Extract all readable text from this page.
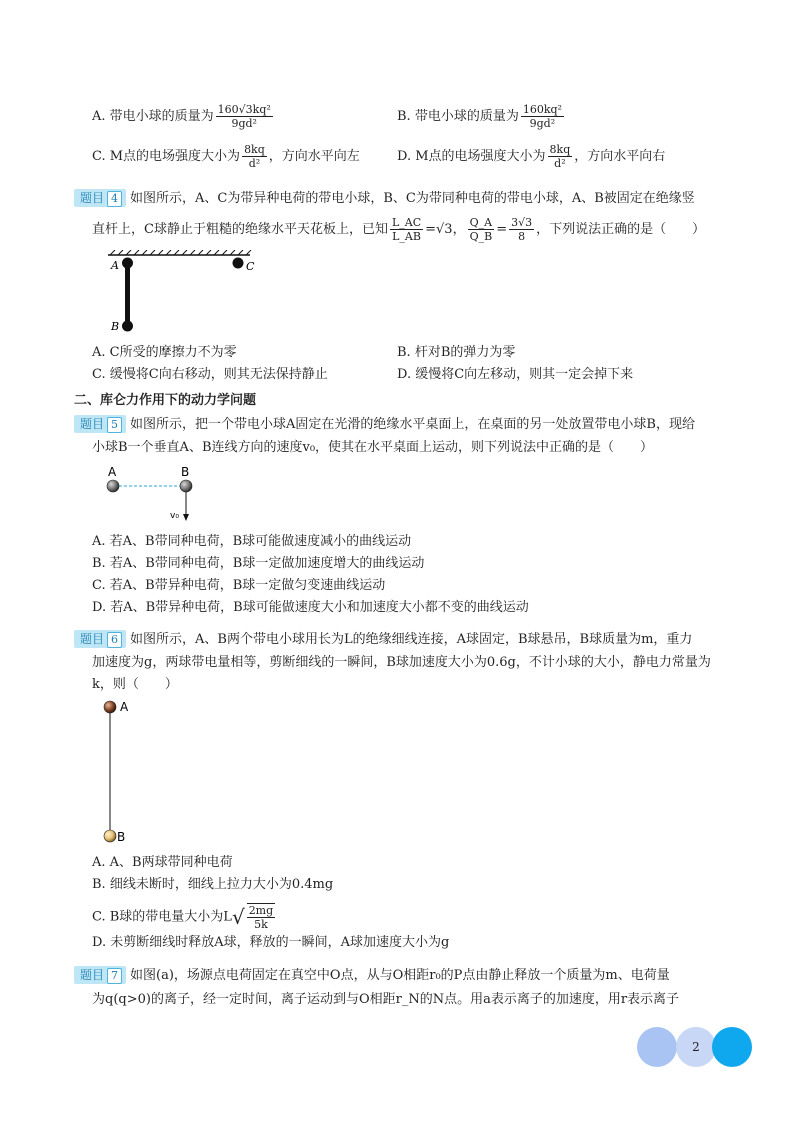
A. 带电小球的质量为 $\frac{\text{160√3kq²}}{\text{9gd²}}$	B. 带电小球的质量为 $\frac{\text{160kq²}}{\text{9gd²}}$
C. M点的电场强度大小为 $\frac{8kq}{\text{d²}}$ ，方向水平向左	D. M点的电场强度大小为 $\frac{8kq}{\text{d²}}$ ，方向水平向右
题目 4 如图所示，A、C为带异种电荷的带电小球，B、C为带同种电荷的带电小球，A、B被固定在绝缘竖
直杆上，C球静止于粗糙的绝缘水平天花板上，已知 $\frac{L\_AC}{L\_AB} =√3$， $\frac{Q\_A}{Q\_B} = \frac{3√3}{8}$ ，下列说法正确的是（　　）
A
B
C
A. C所受的摩擦力不为零	B. 杆对B的弹力为零
C. 缓慢将C向右移动，则其无法保持静止	D. 缓慢将C向左移动，则其一定会掉下来
二、库仑力作用下的动力学问题
题目 5 如图所示，把一个带电小球A固定在光滑的绝缘水平桌面上，在桌面的另一处放置带电小球B，现给
小球B一个垂直A、B连线方向的速度v₀，使其在水平桌面上运动，则下列说法中正确的是（　　）
A	B
v₀
A. 若A、B带同种电荷，B球可能做速度减小的曲线运动
B. 若A、B带同种电荷，B球一定做加速度增大的曲线运动
C. 若A、B带异种电荷，B球一定做匀变速曲线运动
D. 若A、B带异种电荷，B球可能做速度大小和加速度大小都不变的曲线运动
题目 6 如图所示，A、B两个带电小球用长为L的绝缘细线连接，A球固定，B球悬吊，B球质量为m，重力
加速度为g，两球带电量相等，剪断细线的一瞬间，B球加速度大小为0.6g，不计小球的大小，静电力常量为
k，则（　　）
A
B
A. A、B两球带同种电荷
B. 细线未断时，细线上拉力大小为0.4mg
C. B球的带电量大小为$L√ \frac{2mg}{5k}$
D. 未剪断细线时释放A球，释放的一瞬间，A球加速度大小为g
题目 7 如图(a)，场源点电荷固定在真空中O点，从与O相距r₀的P点由静止释放一个质量为m、电荷量
为q(q>0)的离子，经一定时间，离子运动到与O相距r_N的N点。用a表示离子的加速度，用r表示离子
2
